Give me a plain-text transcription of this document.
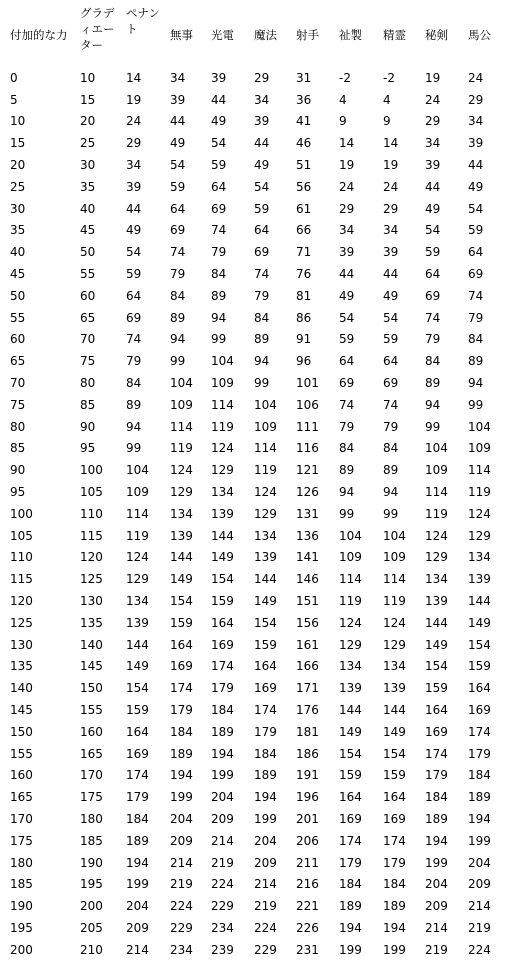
付加的な力	グラディエーター	ペナント	無事	光電	魔法	射手	祉製	精霊	秘剣	馬公
0	10	14	34	39	29	31	-2	-2	19	24
5	15	19	39	44	34	36	4	4	24	29
10	20	24	44	49	39	41	9	9	29	34
15	25	29	49	54	44	46	14	14	34	39
20	30	34	54	59	49	51	19	19	39	44
25	35	39	59	64	54	56	24	24	44	49
30	40	44	64	69	59	61	29	29	49	54
35	45	49	69	74	64	66	34	34	54	59
40	50	54	74	79	69	71	39	39	59	64
45	55	59	79	84	74	76	44	44	64	69
50	60	64	84	89	79	81	49	49	69	74
55	65	69	89	94	84	86	54	54	74	79
60	70	74	94	99	89	91	59	59	79	84
65	75	79	99	104	94	96	64	64	84	89
70	80	84	104	109	99	101	69	69	89	94
75	85	89	109	114	104	106	74	74	94	99
80	90	94	114	119	109	111	79	79	99	104
85	95	99	119	124	114	116	84	84	104	109
90	100	104	124	129	119	121	89	89	109	114
95	105	109	129	134	124	126	94	94	114	119
100	110	114	134	139	129	131	99	99	119	124
105	115	119	139	144	134	136	104	104	124	129
110	120	124	144	149	139	141	109	109	129	134
115	125	129	149	154	144	146	114	114	134	139
120	130	134	154	159	149	151	119	119	139	144
125	135	139	159	164	154	156	124	124	144	149
130	140	144	164	169	159	161	129	129	149	154
135	145	149	169	174	164	166	134	134	154	159
140	150	154	174	179	169	171	139	139	159	164
145	155	159	179	184	174	176	144	144	164	169
150	160	164	184	189	179	181	149	149	169	174
155	165	169	189	194	184	186	154	154	174	179
160	170	174	194	199	189	191	159	159	179	184
165	175	179	199	204	194	196	164	164	184	189
170	180	184	204	209	199	201	169	169	189	194
175	185	189	209	214	204	206	174	174	194	199
180	190	194	214	219	209	211	179	179	199	204
185	195	199	219	224	214	216	184	184	204	209
190	200	204	224	229	219	221	189	189	209	214
195	205	209	229	234	224	226	194	194	214	219
200	210	214	234	239	229	231	199	199	219	224
